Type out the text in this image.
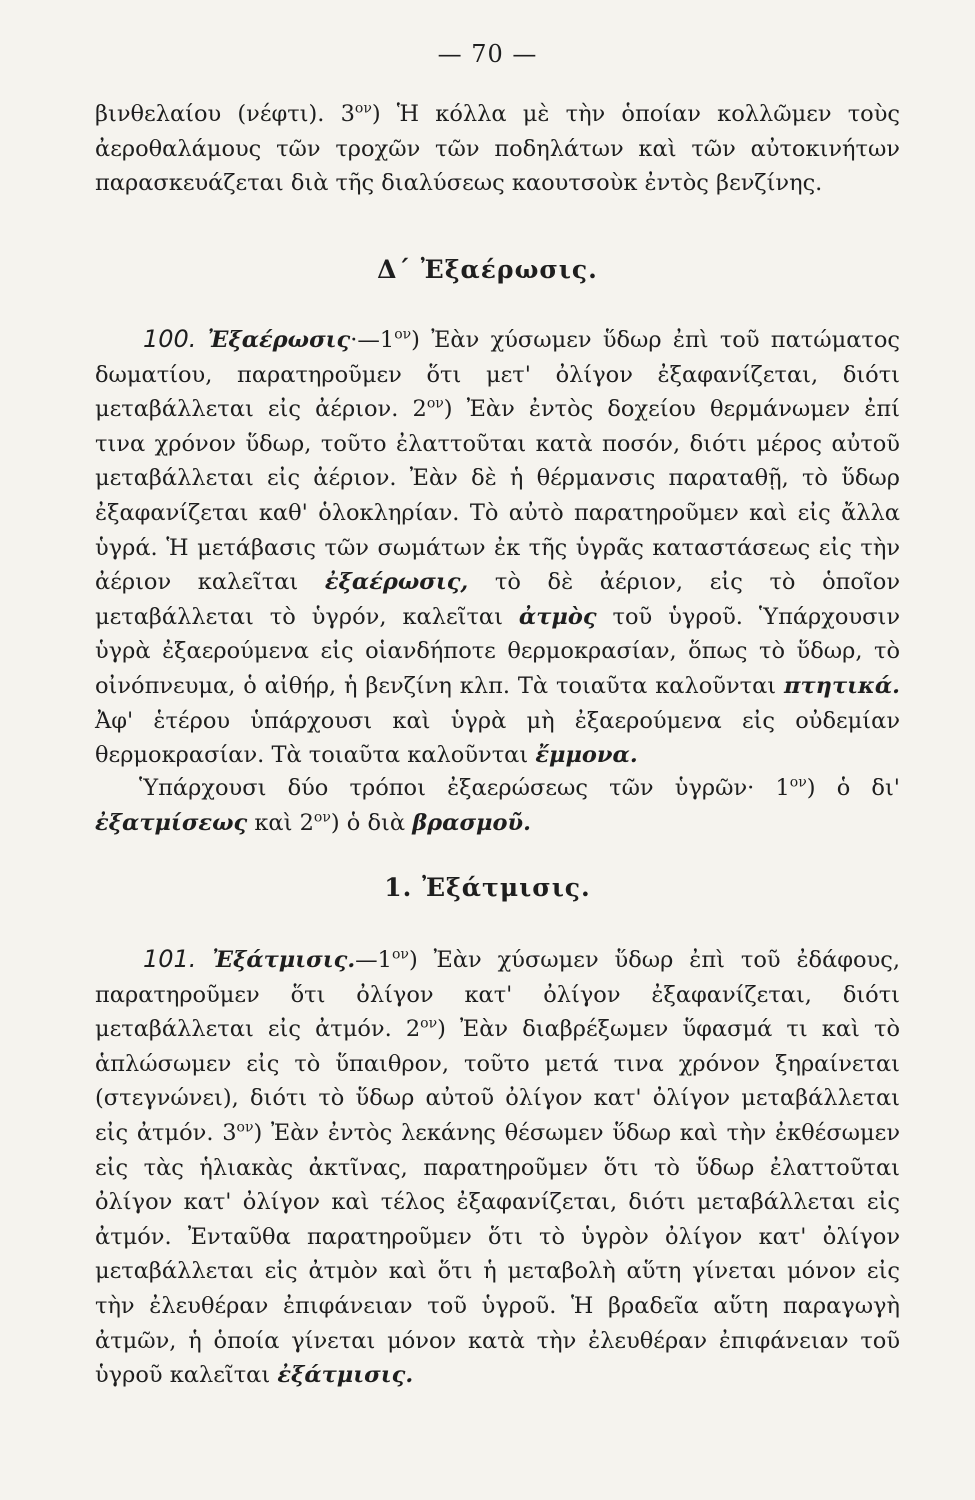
— 70 —

βινθελαίου (νέφτι). $3^{o\nu}$) Ἡ κόλλα μὲ τὴν ὁποίαν κολλῶμεν τοὺς ἀεροθαλάμους τῶν τροχῶν τῶν ποδηλάτων καὶ τῶν αὐτοκινήτων παρασκευάζεται διὰ τῆς διαλύσεως καουτσοὺκ ἐντὸς βενζίνης.

Δ΄ Ἐξαέρωσις.

100. $Ἐ\xi\alpha έ\rho\omega\sigma\iota\varsigma\cdot—1^{o\nu}$) Ἐὰν χύσωμεν ὕδωρ ἐπὶ τοῦ πατώματος δωματίου, παρατηροῦμεν ὅτι μετ' ὀλίγον ἐξαφανίζεται, διότι μεταβάλλεται εἰς ἀέριον. $2^{o\nu}$) Ἐὰν ἐντὸς δοχείου θερμάνωμεν ἐπί τινα χρόνον ὕδωρ, τοῦτο ἐλαττοῦται κατὰ ποσόν, διότι μέρος αὐτοῦ μεταβάλλεται εἰς ἀέριον. Ἐὰν δὲ ἡ θέρμανσις παραταθῇ, τὸ ὕδωρ ἐξαφανίζεται καθ' ὁλοκληρίαν. Τὸ αὐτὸ παρατηροῦμεν καὶ εἰς ἄλλα ὑγρά. Ἡ μετάβασις τῶν σωμάτων ἐκ τῆς ὑγρᾶς καταστάσεως εἰς τὴν ἀέριον καλεῖται ἐξαέρωσις, τὸ δὲ ἀέριον, εἰς τὸ ὁποῖον μεταβάλλεται τὸ ὑγρόν, καλεῖται ἀτμὸς τοῦ ὑγροῦ. Ὑπάρχουσιν ὑγρὰ ἐξαερούμενα εἰς οἱανδήποτε θερμοκρασίαν, ὅπως τὸ ὕδωρ, τὸ οἰνόπνευμα, ὁ αἰθήρ, ἡ βενζίνη κλπ. Τὰ τοιαῦτα καλοῦνται πτητικά. Ἀφ' ἑτέρου ὑπάρχουσι καὶ ὑγρὰ μὴ ἐξαερούμενα εἰς οὐδεμίαν θερμοκρασίαν. Τὰ τοιαῦτα καλοῦνται ἔμμονα.

Ὑπάρχουσι δύο τρόποι ἐξαερώσεως τῶν ὑγρῶν· $1^{o\nu}$) ὁ δι' ἐξατμίσεως καὶ $2^{o\nu}$) ὁ διὰ βρασμοῦ.

1. Ἐξάτμισις.

101. $Ἐ\xi ά\tau\mu\iota\sigma\iota\varsigma.—1^{o\nu}$) Ἐὰν χύσωμεν ὕδωρ ἐπὶ τοῦ ἐδάφους, παρατηροῦμεν ὅτι ὀλίγον κατ' ὀλίγον ἐξαφανίζεται, διότι μεταβάλλεται εἰς ἀτμόν. $2^{o\nu}$) Ἐὰν διαβρέξωμεν ὕφασμά τι καὶ τὸ ἁπλώσωμεν εἰς τὸ ὕπαιθρον, τοῦτο μετά τινα χρόνον ξηραίνεται (στεγνώνει), διότι τὸ ὕδωρ αὐτοῦ ὀλίγον κατ' ὀλίγον μεταβάλλεται εἰς ἀτμόν. $3^{o\nu}$) Ἐὰν ἐντὸς λεκάνης θέσωμεν ὕδωρ καὶ τὴν ἐκθέσωμεν εἰς τὰς ἡλιακὰς ἀκτῖνας, παρατηροῦμεν ὅτι τὸ ὕδωρ ἐλαττοῦται ὀλίγον κατ' ὀλίγον καὶ τέλος ἐξαφανίζεται, διότι μεταβάλλεται εἰς ἀτμόν. Ἐνταῦθα παρατηροῦμεν ὅτι τὸ ὑγρὸν ὀλίγον κατ' ὀλίγον μεταβάλλεται εἰς ἀτμὸν καὶ ὅτι ἡ μεταβολὴ αὕτη γίνεται μόνον εἰς τὴν ἐλευθέραν ἐπιφάνειαν τοῦ ὑγροῦ. Ἡ βραδεῖα αὕτη παραγωγὴ ἀτμῶν, ἡ ὁποία γίνεται μόνον κατὰ τὴν ἐλευθέραν ἐπιφάνειαν τοῦ ὑγροῦ καλεῖται ἐξάτμισις.
